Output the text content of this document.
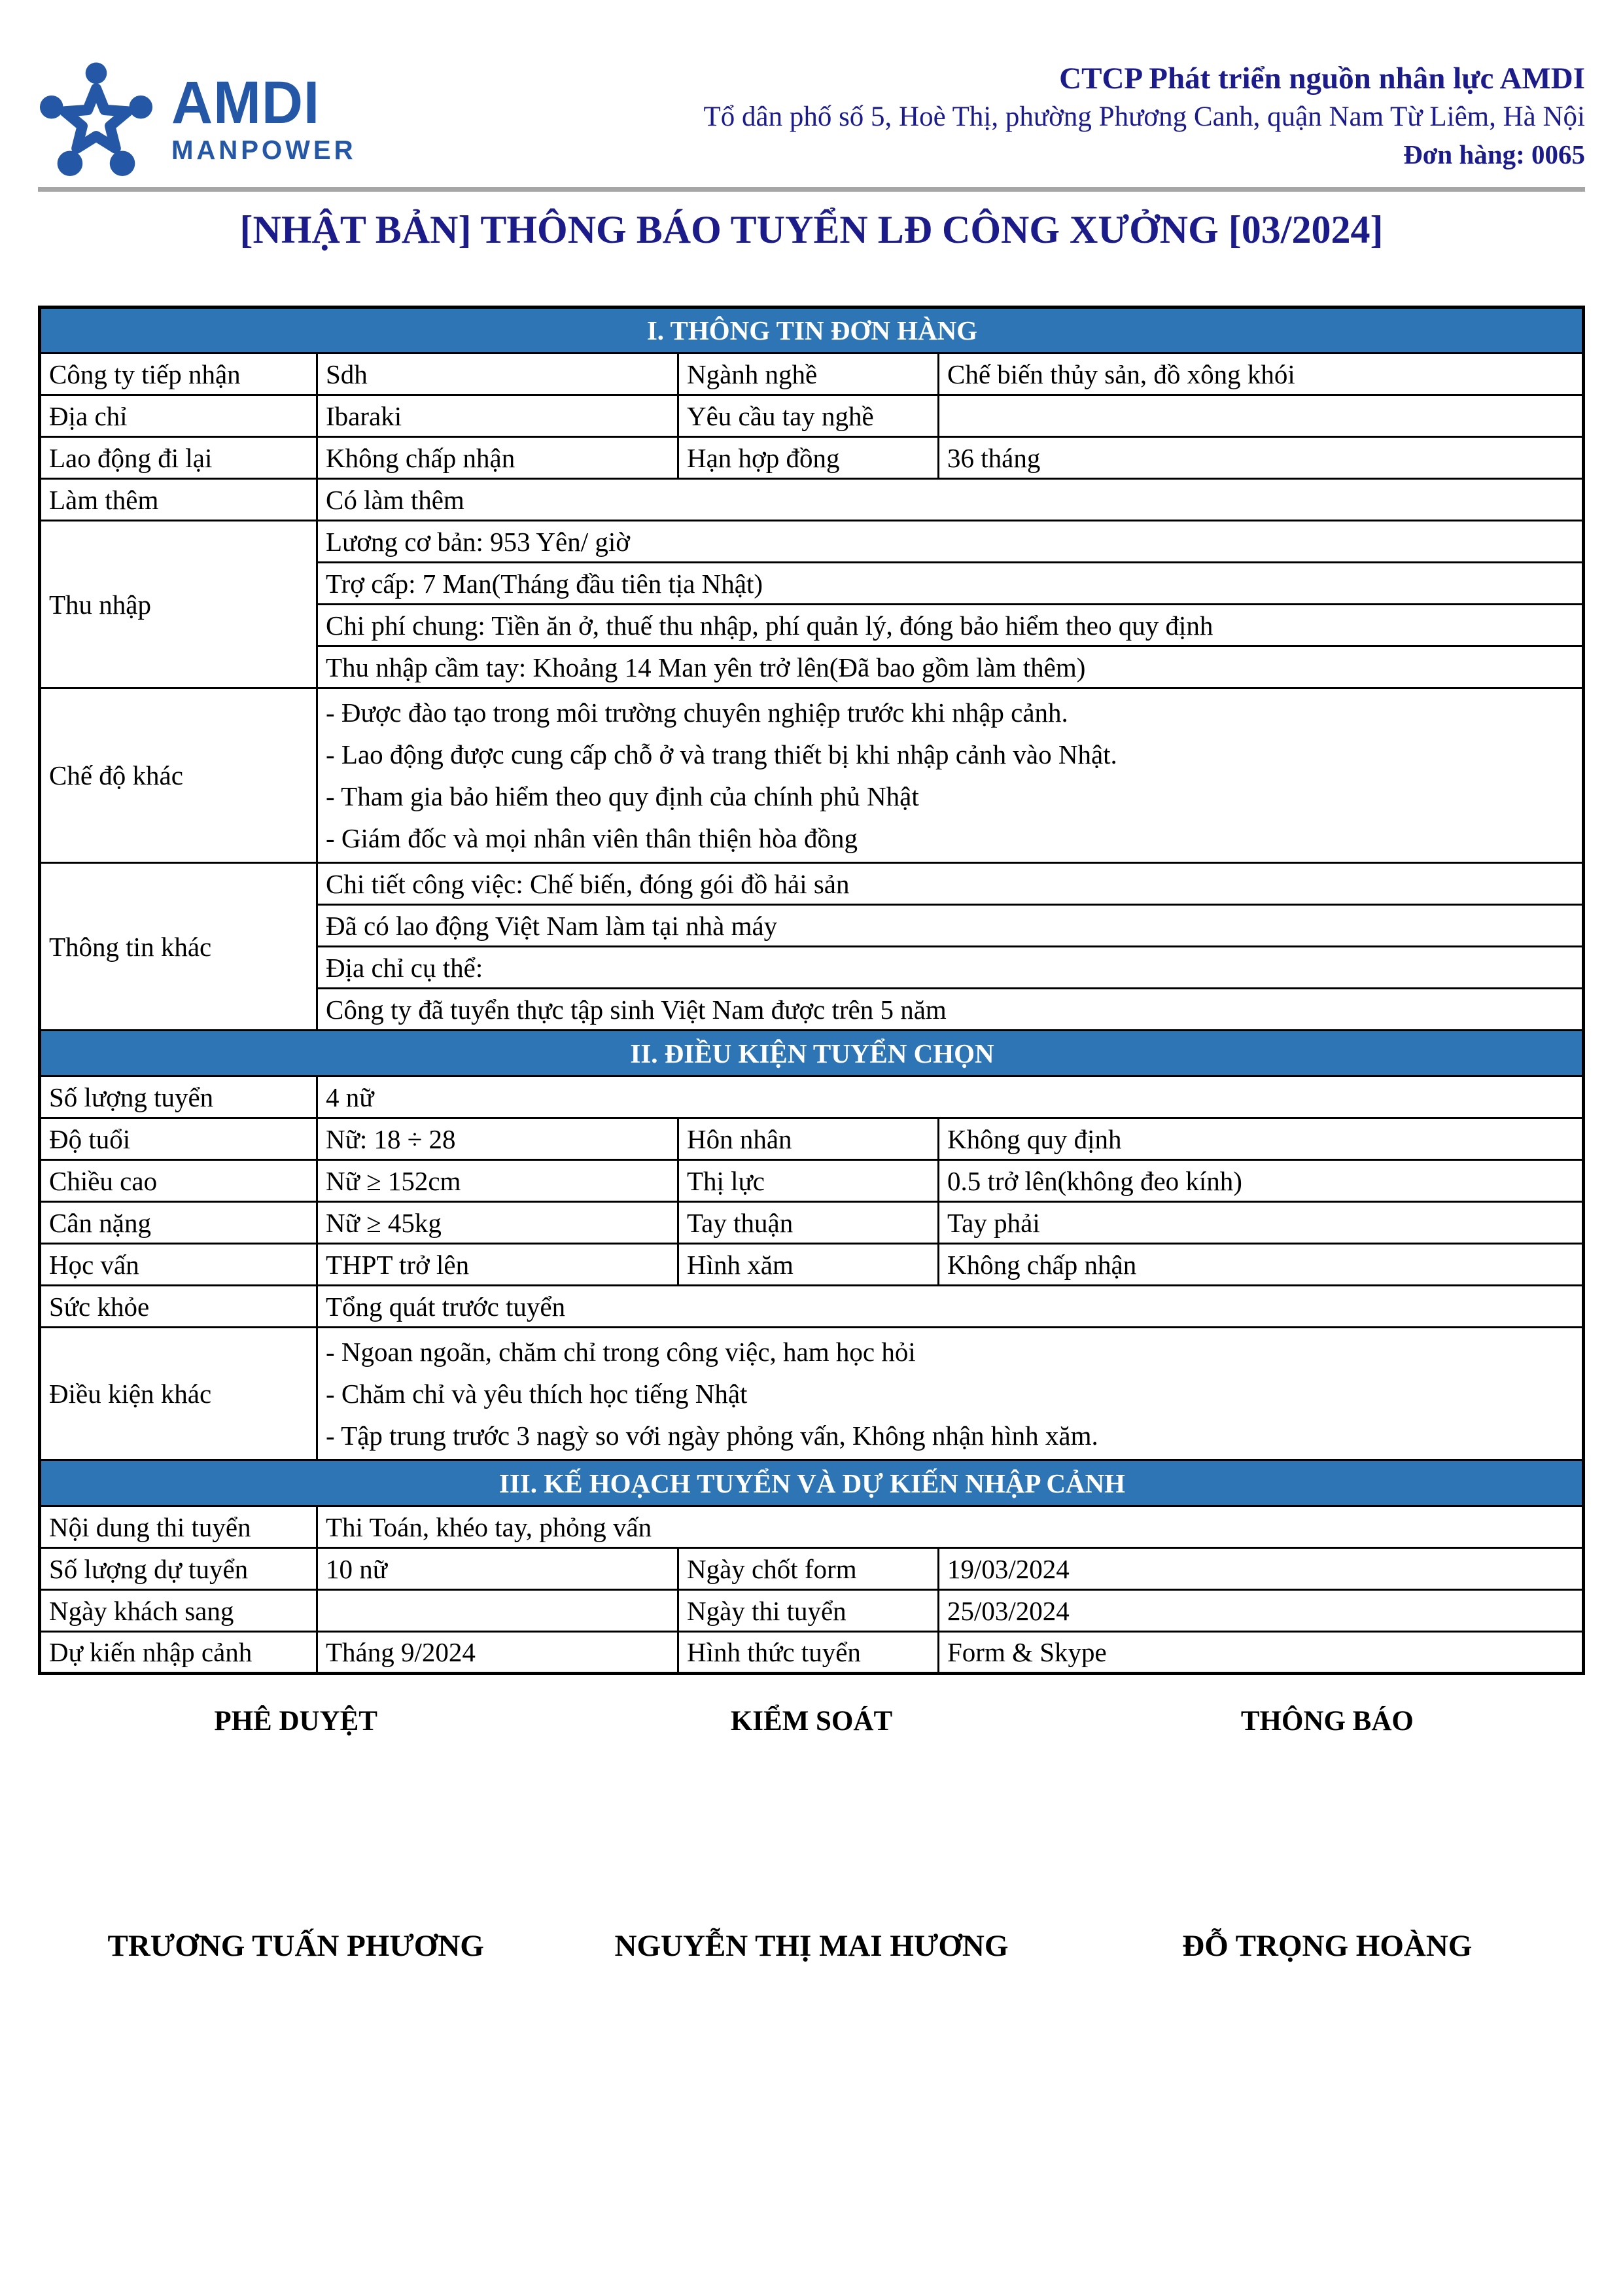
AMDI
MANPOWER
CTCP Phát triển nguồn nhân lực AMDI
Tổ dân phố số 5, Hoè Thị, phường Phương Canh, quận Nam Từ Liêm, Hà Nội
Đơn hàng: 0065
[NHẬT BẢN] THÔNG BÁO TUYỂN LĐ CÔNG XƯỞNG [03/2024]
I. THÔNG TIN ĐƠN HÀNG			
Công ty tiếp nhận	Sdh	Ngành nghề	Chế biến thủy sản, đồ xông khói
Địa chỉ	Ibaraki	Yêu cầu tay nghề	
Lao động đi lại	Không chấp nhận	Hạn hợp đồng	36 tháng
Làm thêm	Có làm thêm		
Thu nhập	Lương cơ bản: 953 Yên/ giờ		
	Trợ cấp: 7 Man(Tháng đầu tiên tịa Nhật)		
	Chi phí chung: Tiền ăn ở, thuế thu nhập, phí quản lý, đóng bảo hiểm theo quy định		
	Thu nhập cầm tay: Khoảng 14 Man yên trở lên(Đã bao gồm làm thêm)		
Chế độ khác	- Được đào tạo trong môi trường chuyên nghiệp trước khi nhập cảnh.
- Lao động được cung cấp chỗ ở và trang thiết bị khi nhập cảnh vào Nhật.
- Tham gia bảo hiểm theo quy định của chính phủ Nhật
- Giám đốc và mọi nhân viên thân thiện hòa đồng		

Thông tin khác	Chi tiết công việc: Chế biến, đóng gói đồ hải sản		
	Đã có lao động Việt Nam làm tại nhà máy		
	Địa chỉ cụ thể:		
	Công ty đã tuyển thực tập sinh Việt Nam được trên 5 năm		
II. ĐIỀU KIỆN TUYỂN CHỌN			
Số lượng tuyển	4 nữ		
Độ tuổi	Nữ: 18 ÷ 28	Hôn nhân	Không quy định
Chiều cao	Nữ ≥ 152cm	Thị lực	0.5 trở lên(không đeo kính)
Cân nặng	Nữ ≥ 45kg	Tay thuận	Tay phải
Học vấn	THPT trở lên	Hình xăm	Không chấp nhận
Sức khỏe	Tổng quát trước tuyển		
Điều kiện khác	- Ngoan ngoãn, chăm chỉ trong công việc, ham học hỏi
- Chăm chỉ và yêu thích học tiếng Nhật
- Tập trung trước 3 nagỳ so với ngày phỏng vấn, Không nhận hình xăm.		

III. KẾ HOẠCH TUYỂN VÀ DỰ KIẾN NHẬP CẢNH			
Nội dung thi tuyển	Thi Toán, khéo tay, phỏng vấn		
Số lượng dự tuyển	10 nữ	Ngày chốt form	19/03/2024
Ngày khách sang		Ngày thi tuyển	25/03/2024
Dự kiến nhập cảnh	Tháng 9/2024	Hình thức tuyển	Form & Skype
PHÊ DUYỆT	KIỂM SOÁT	THÔNG BÁO
TRƯƠNG TUẤN PHƯƠNG	NGUYỄN THỊ MAI HƯƠNG	ĐỖ TRỌNG HOÀNG
